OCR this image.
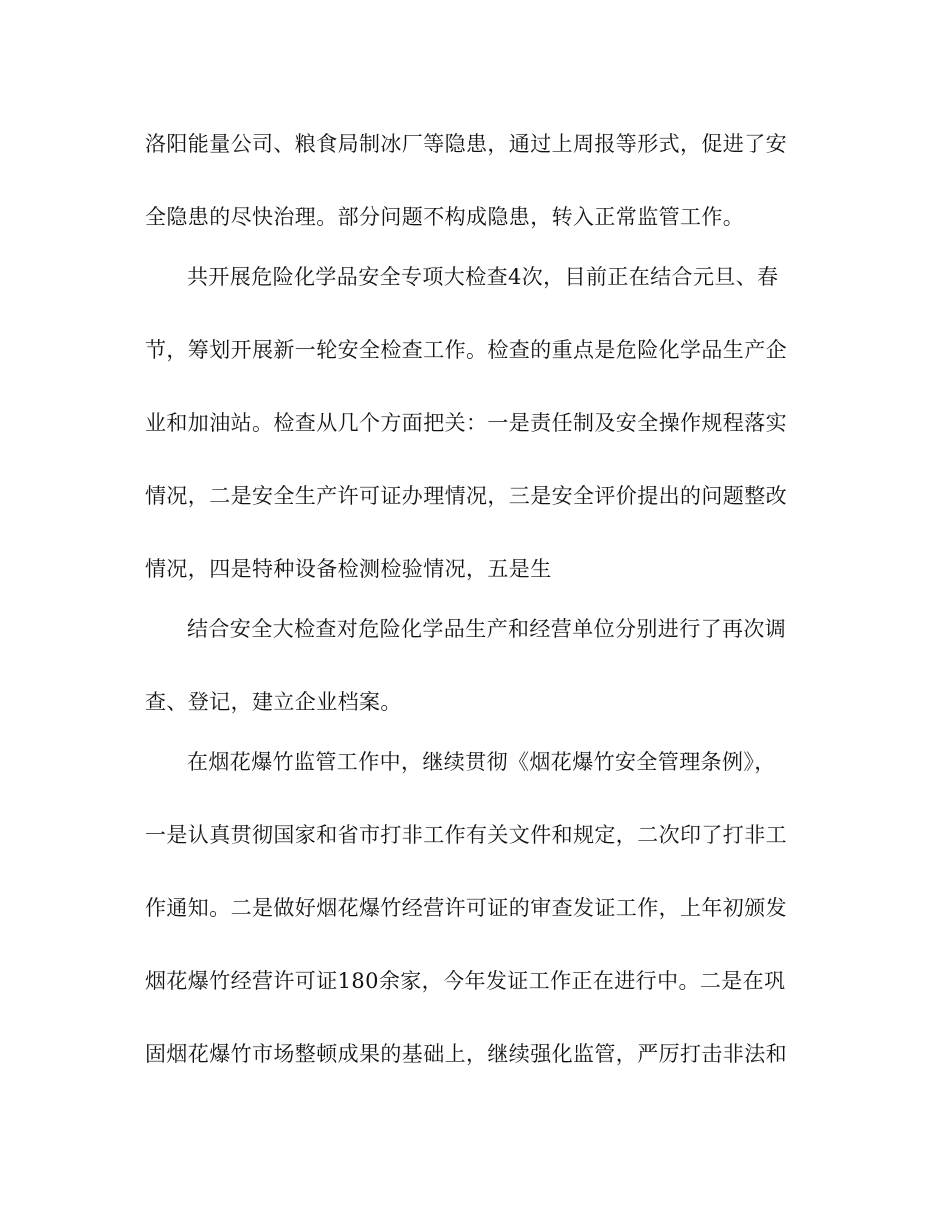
洛阳能量公司、粮食局制冰厂等隐患，通过上周报等形式，促进了安
全隐患的尽快治理。部分问题不构成隐患，转入正常监管工作。
共开展危险化学品安全专项大检查4次，目前正在结合元旦、春
节，筹划开展新一轮安全检查工作。检查的重点是危险化学品生产企
业和加油站。检查从几个方面把关：一是责任制及安全操作规程落实
情况，二是安全生产许可证办理情况，三是安全评价提出的问题整改
情况，四是特种设备检测检验情况，五是生
结合安全大检查对危险化学品生产和经营单位分别进行了再次调
查、登记，建立企业档案。
在烟花爆竹监管工作中，继续贯彻《烟花爆竹安全管理条例》，
一是认真贯彻国家和省市打非工作有关文件和规定，二次印了打非工
作通知。二是做好烟花爆竹经营许可证的审查发证工作，上年初颁发
烟花爆竹经营许可证180余家，今年发证工作正在进行中。二是在巩
固烟花爆竹市场整顿成果的基础上，继续强化监管，严厉打击非法和
